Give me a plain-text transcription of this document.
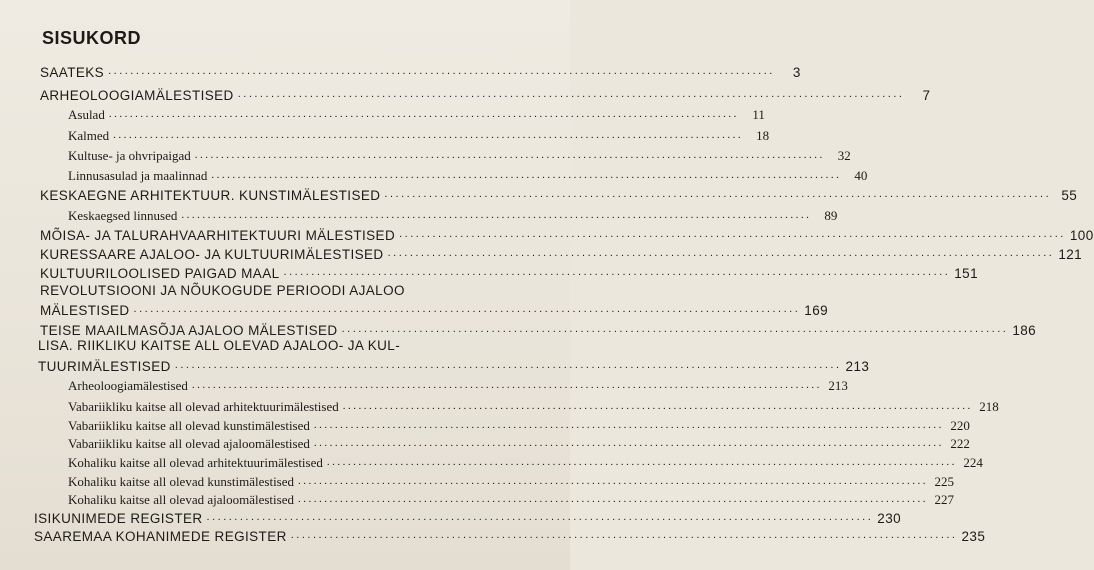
SISUKORD
SAATEKS ........................................................................................................................	3
ARHEOLOOGIAMÄLESTISED ........................................................................................................................	7
Asulad ........................................................................................................................	11
Kalmed ........................................................................................................................	18
Kultuse- ja ohvripaigad ........................................................................................................................	32
Linnusasulad ja maalinnad ........................................................................................................................	40
KESKAEGNE ARHITEKTUUR. KUNSTIMÄLESTISED ........................................................................................................................ 55
Keskaegsed linnused ........................................................................................................................	89
MÕISA- JA TALURAHVAARHITEKTUURI MÄLESTISED ........................................................................................................................ 100
KURESSAARE AJALOO- JA KULTUURIMÄLESTISED ........................................................................................................................ 121
KULTUURILOOLISED PAIGAD MAAL ........................................................................................................................ 151
REVOLUTSIOONI JA NÕUKOGUDE PERIOODI AJALOO
MÄLESTISED ........................................................................................................................ 169
TEISE MAAILMASÕJA AJALOO MÄLESTISED ........................................................................................................................ 186
LISA. RIIKLIKU KAITSE ALL OLEVAD AJALOO- JA KUL-
TUURIMÄLESTISED ........................................................................................................................ 213
Arheoloogiamälestised ........................................................................................................................ 213
Vabariikliku kaitse all olevad arhitektuurimälestised ........................................................................................................................ 218
Vabariikliku kaitse all olevad kunstimälestised ........................................................................................................................ 220
Vabariikliku kaitse all olevad ajaloomälestised ........................................................................................................................ 222
Kohaliku kaitse all olevad arhitektuurimälestised ........................................................................................................................ 224
Kohaliku kaitse all olevad kunstimälestised ........................................................................................................................ 225
Kohaliku kaitse all olevad ajaloomälestised ........................................................................................................................ 227
ISIKUNIMEDE REGISTER ........................................................................................................................ 230
SAAREMAA KOHANIMEDE REGISTER ........................................................................................................................ 235
